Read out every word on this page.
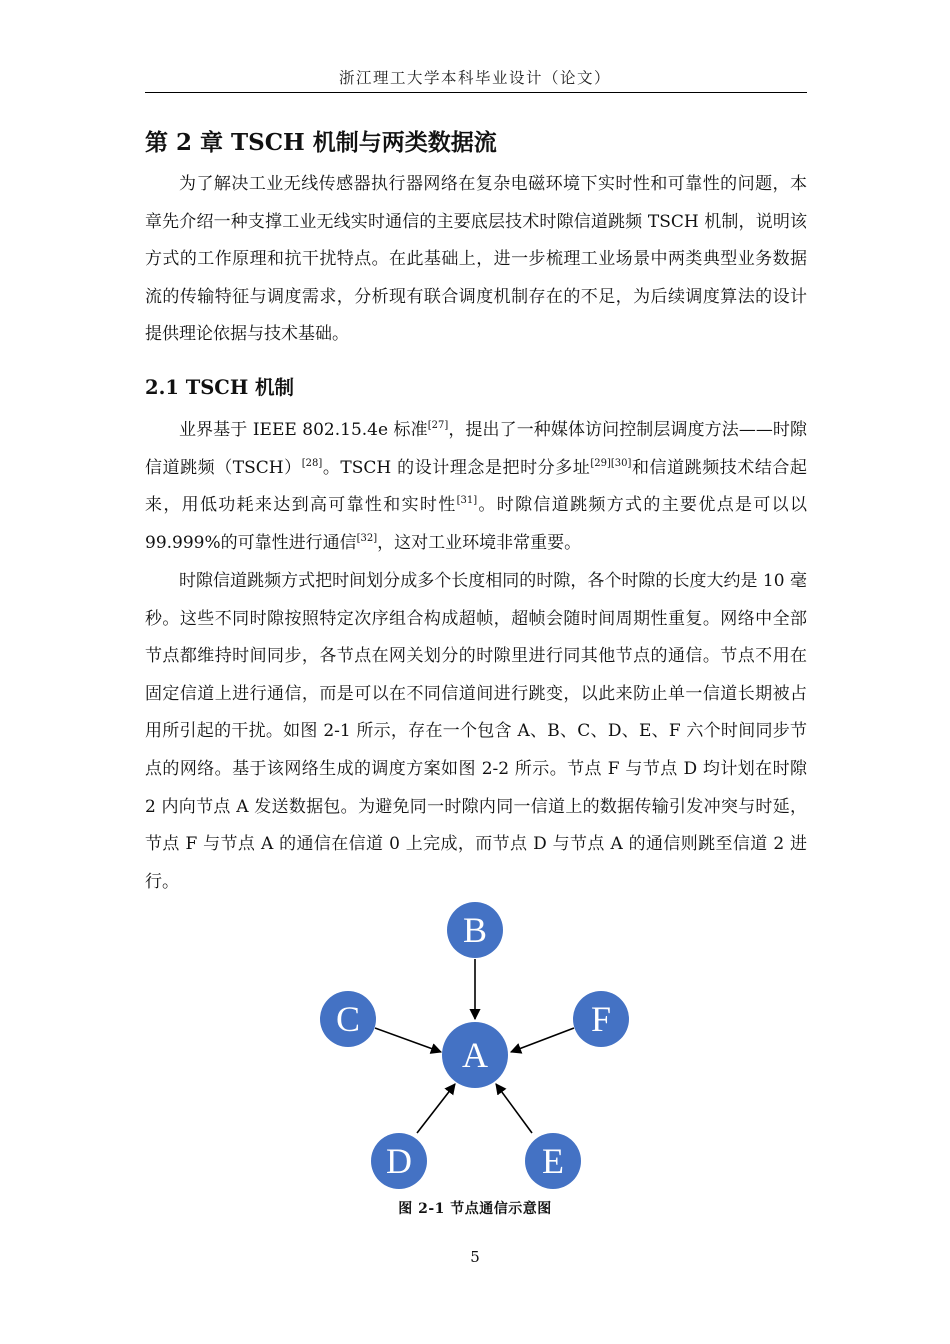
浙江理工大学本科毕业设计（论文）
第 2 章 TSCH 机制与两类数据流

为了解决工业无线传感器执行器网络在复杂电磁环境下实时性和可靠性的问题，本章先介绍一种支撑工业无线实时通信的主要底层技术时隙信道跳频 TSCH 机制，说明该方式的工作原理和抗干扰特点。在此基础上，进一步梳理工业场景中两类典型业务数据流的传输特征与调度需求，分析现有联合调度机制存在的不足，为后续调度算法的设计提供理论依据与技术基础。

2.1 TSCH 机制

业界基于 IEEE 802.15.4e 标准[27]，提出了一种媒体访问控制层调度方法——时隙信道跳频（TSCH）[28]。TSCH 的设计理念是把时分多址[29][30]和信道跳频技术结合起来，用低功耗来达到高可靠性和实时性[31]。时隙信道跳频方式的主要优点是可以以 99.999%的可靠性进行通信[32]，这对工业环境非常重要。

时隙信道跳频方式把时间划分成多个长度相同的时隙，各个时隙的长度大约是 10 毫秒。这些不同时隙按照特定次序组合构成超帧，超帧会随时间周期性重复。网络中全部节点都维持时间同步，各节点在网关划分的时隙里进行同其他节点的通信。节点不用在固定信道上进行通信，而是可以在不同信道间进行跳变，以此来防止单一信道长期被占用所引起的干扰。如图 2-1 所示，存在一个包含 A、B、C、D、E、F 六个时间同步节点的网络。基于该网络生成的调度方案如图 2-2 所示。节点 F 与节点 D 均计划在时隙 2 内向节点 A 发送数据包。为避免同一时隙内同一信道上的数据传输引发冲突与时延，节点 F 与节点 A 的通信在信道 0 上完成，而节点 D 与节点 A 的通信则跳至信道 2 进行。

A
B
C	F
D	E
图 2-1 节点通信示意图
5
